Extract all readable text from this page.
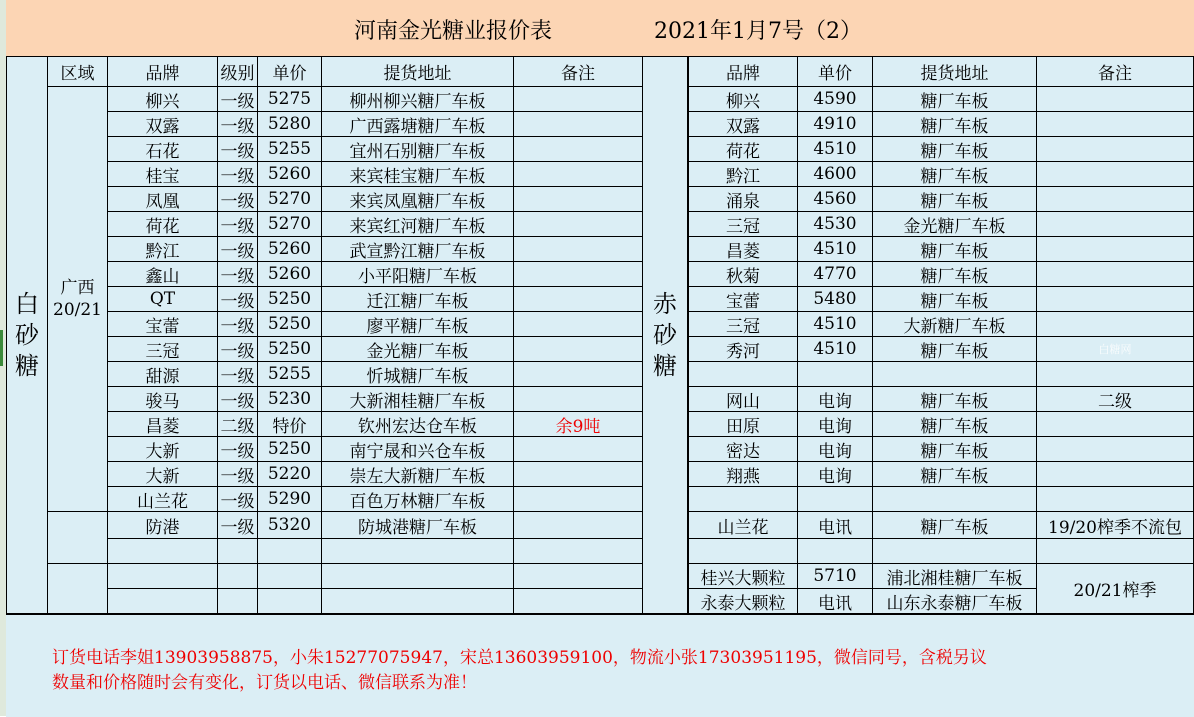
河南金光糖业报价表	2021年1月7号（2）
白
砂
糖
区域	品牌	级别	单价	提货地址	备注
广西
20/21
柳兴	一级 5275	柳州柳兴糖厂车板
双露	一级 5280	广西露塘糖厂车板
石花	一级 5255	宜州石别糖厂车板
桂宝	一级 5260	来宾桂宝糖厂车板
凤凰	一级 5270	来宾凤凰糖厂车板
荷花	一级 5270	来宾红河糖厂车板
黔江	一级 5260	武宣黔江糖厂车板
鑫山	一级 5260	小平阳糖厂车板
QT	一级 5250	迁江糖厂车板
宝蕾	一级 5250	廖平糖厂车板
三冠	一级 5250	金光糖厂车板
甜源	一级 5255	忻城糖厂车板
骏马	一级 5230	大新湘桂糖厂车板
昌菱	二级	特价	钦州宏达仓车板	余9吨
大新	一级 5250	南宁晟和兴仓车板
大新	一级 5220	崇左大新糖厂车板
山兰花	一级 5290	百色万林糖厂车板
防港	一级 5320	防城港糖厂车板
赤
砂
糖
品牌	单价	提货地址	备注
柳兴	4590	糖厂车板
双露	4910	糖厂车板
荷花	4510	糖厂车板
黔江	4600	糖厂车板
涌泉	4560	糖厂车板
三冠	4530	金光糖厂车板
昌菱	4510	糖厂车板
秋菊	4770	糖厂车板
宝蕾	5480	糖厂车板
三冠	4510	大新糖厂车板
秀河	4510	糖厂车板	白糖网
网山	电询	糖厂车板	二级
田原	电询	糖厂车板
密达	电询	糖厂车板
翔燕	电询	糖厂车板
山兰花	电讯	糖厂车板	19/20榨季不流包
桂兴大颗粒	5710	浦北湘桂糖厂车板
永泰大颗粒	电讯	山东永泰糖厂车板
20/21榨季
订货电话李姐13903958875，小朱15277075947，宋总13603959100，物流小张17303951195，微信同号，含税另议
数量和价格随时会有变化，订货以电话、微信联系为准！
